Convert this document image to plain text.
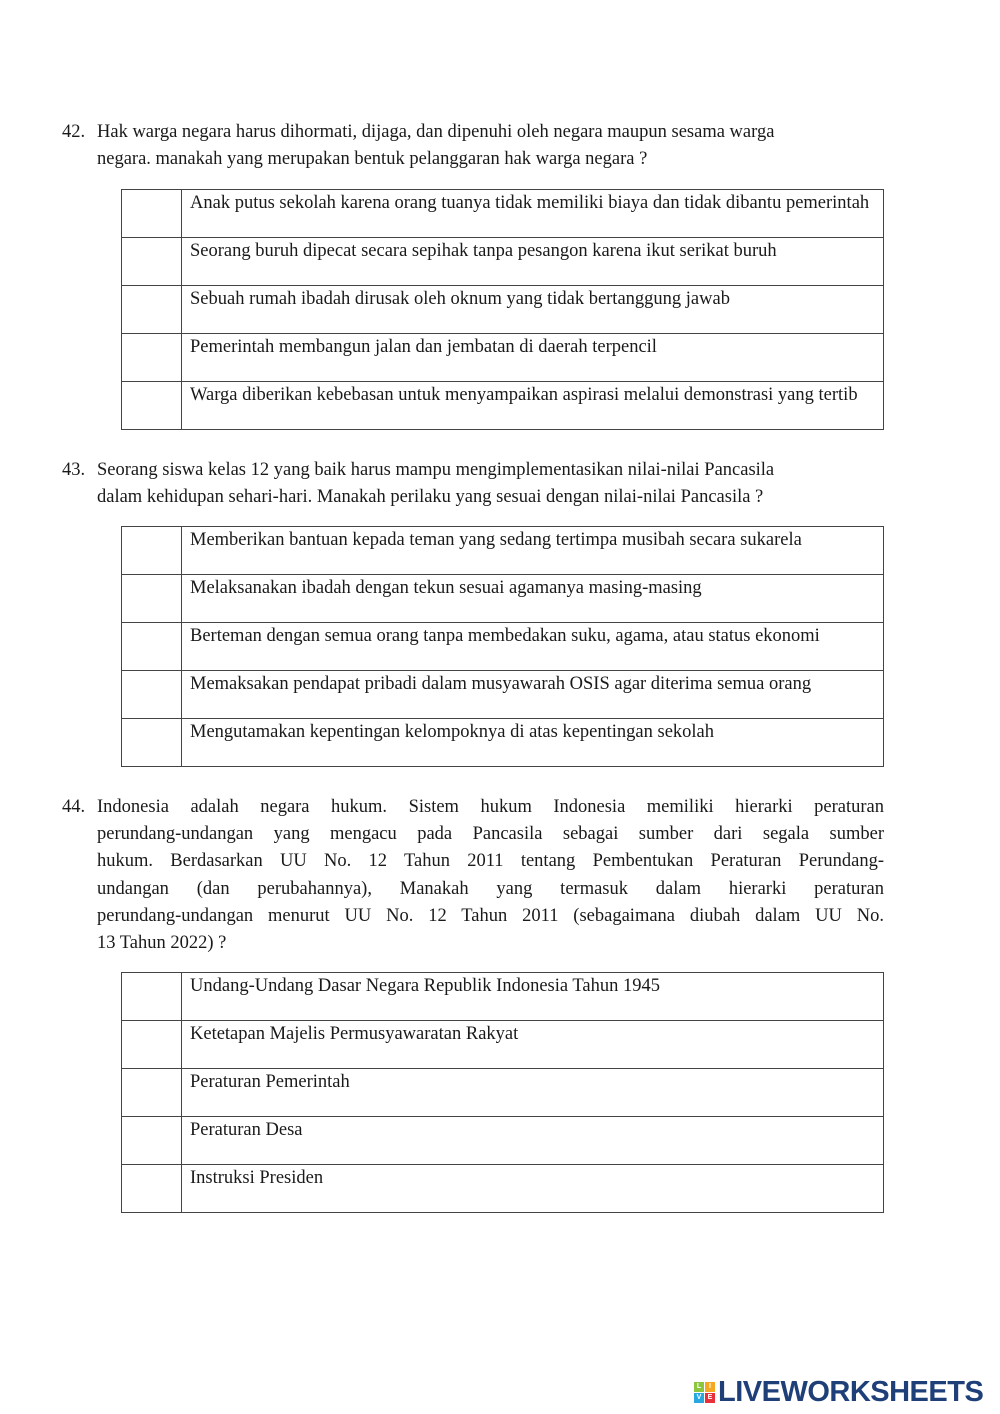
42. Hak warga negara harus dihormati, dijaga, dan dipenuhi oleh negara maupun sesama warga
negara. manakah yang merupakan bentuk pelanggaran hak warga negara ?
	Anak putus sekolah karena orang tuanya tidak memiliki biaya dan tidak dibantu pemerintah
	Seorang buruh dipecat secara sepihak tanpa pesangon karena ikut serikat buruh
	Sebuah rumah ibadah dirusak oleh oknum yang tidak bertanggung jawab
	Pemerintah membangun jalan dan jembatan di daerah terpencil
	Warga diberikan kebebasan untuk menyampaikan aspirasi melalui demonstrasi yang tertib
43. Seorang siswa kelas 12 yang baik harus mampu mengimplementasikan nilai-nilai Pancasila
dalam kehidupan sehari-hari. Manakah perilaku yang sesuai dengan nilai-nilai Pancasila ?
	Memberikan bantuan kepada teman yang sedang tertimpa musibah secara sukarela
	Melaksanakan ibadah dengan tekun sesuai agamanya masing-masing
	Berteman dengan semua orang tanpa membedakan suku, agama, atau status ekonomi
	Memaksakan pendapat pribadi dalam musyawarah OSIS agar diterima semua orang
	Mengutamakan kepentingan kelompoknya di atas kepentingan sekolah
44. Indonesia adalah negara hukum. Sistem hukum Indonesia memiliki hierarki peraturan
perundang-undangan yang mengacu pada Pancasila sebagai sumber dari segala sumber
hukum. Berdasarkan UU No. 12 Tahun 2011 tentang Pembentukan Peraturan Perundang-
undangan (dan perubahannya), Manakah yang termasuk dalam hierarki peraturan
perundang-undangan menurut UU No. 12 Tahun 2011 (sebagaimana diubah dalam UU No.
13 Tahun 2022) ?
	Undang-Undang Dasar Negara Republik Indonesia Tahun 1945
	Ketetapan Majelis Permusyawaratan Rakyat
	Peraturan Pemerintah
	Peraturan Desa
	Instruksi Presiden
L	I
V E LIVEWORKSHEETS
